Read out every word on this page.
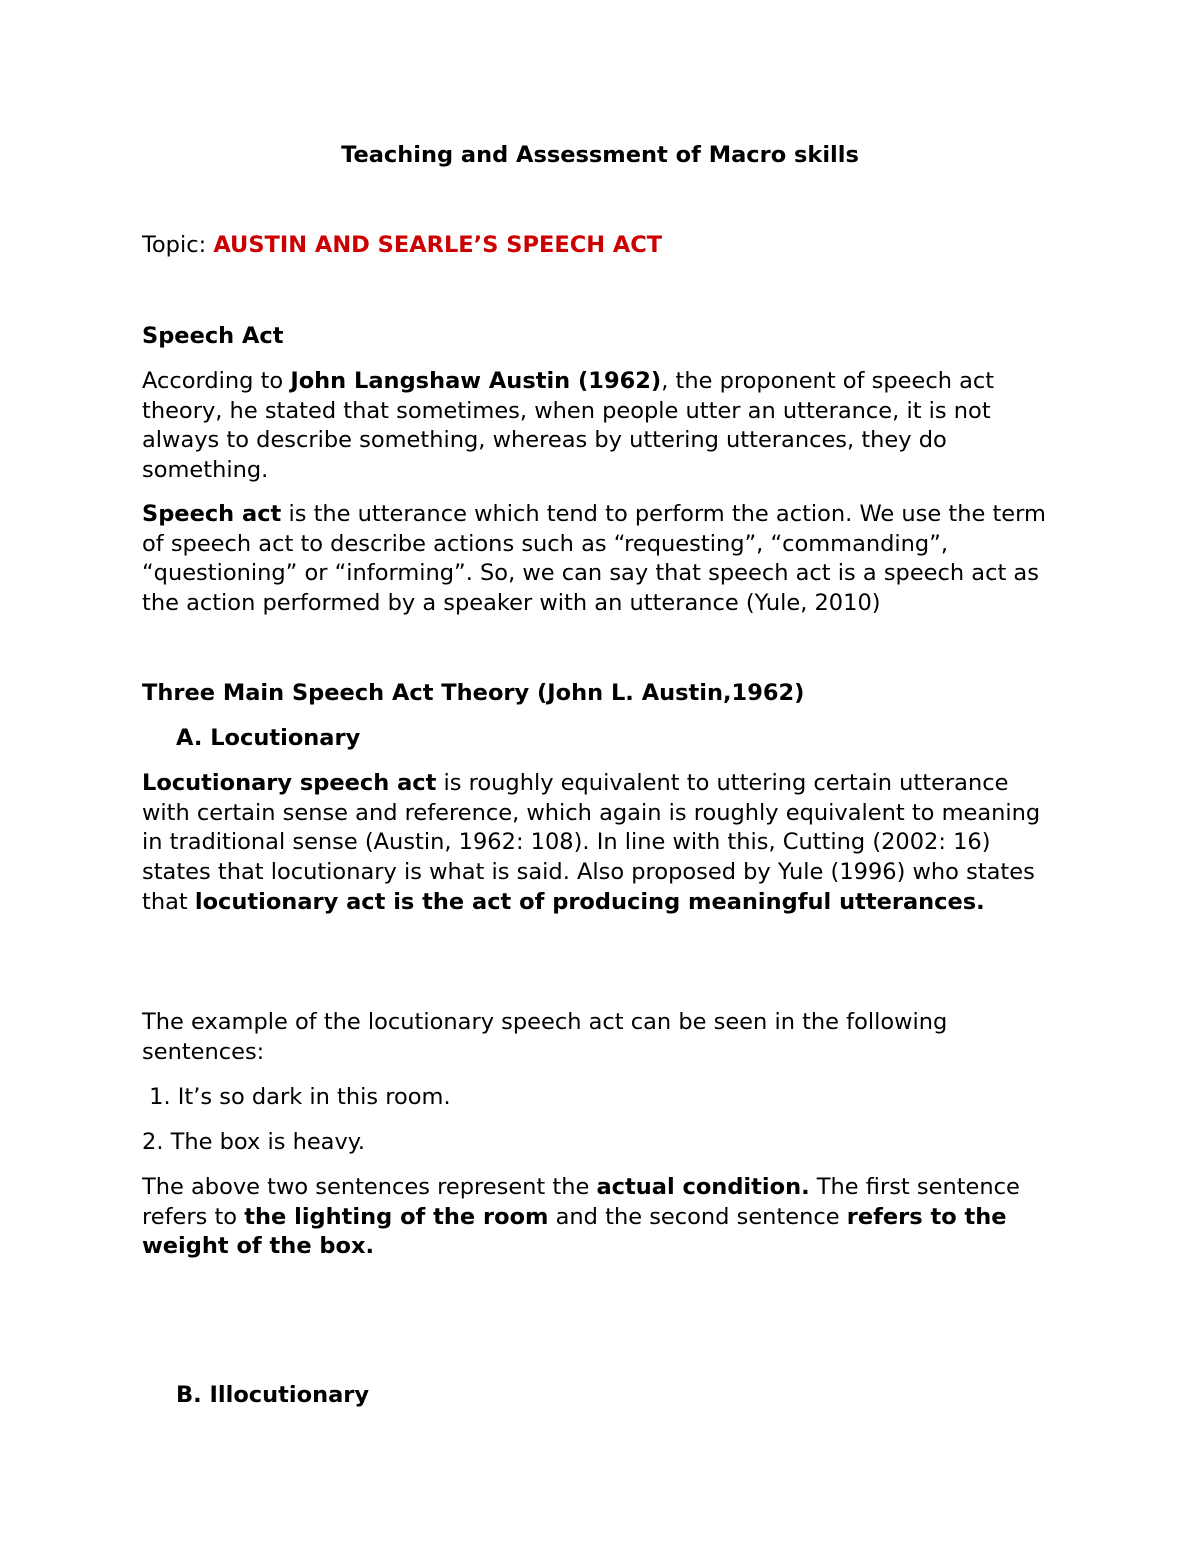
Teaching and Assessment of Macro skills

Topic: AUSTIN AND SEARLE’S SPEECH ACT

Speech Act

According to John Langshaw Austin (1962), the proponent of speech act theory, he stated that sometimes, when people utter an utterance, it is not always to describe something, whereas by uttering utterances, they do something.

Speech act is the utterance which tend to perform the action. We use the term of speech act to describe actions such as “requesting”, “commanding”, “questioning” or “informing”. So, we can say that speech act is a speech act as the action performed by a speaker with an utterance (Yule, 2010)

Three Main Speech Act Theory (John L. Austin,1962)

A. Locutionary

Locutionary speech act is roughly equivalent to uttering certain utterance with certain sense and reference, which again is roughly equivalent to meaning in traditional sense (Austin, 1962: 108). In line with this, Cutting (2002: 16) states that locutionary is what is said. Also proposed by Yule (1996) who states that locutionary act is the act of producing meaningful utterances.

The example of the locutionary speech act can be seen in the following sentences:

1. It’s so dark in this room.

2. The box is heavy.

The above two sentences represent the actual condition. The first sentence refers to the lighting of the room and the second sentence refers to the weight of the box.

B. Illocutionary
